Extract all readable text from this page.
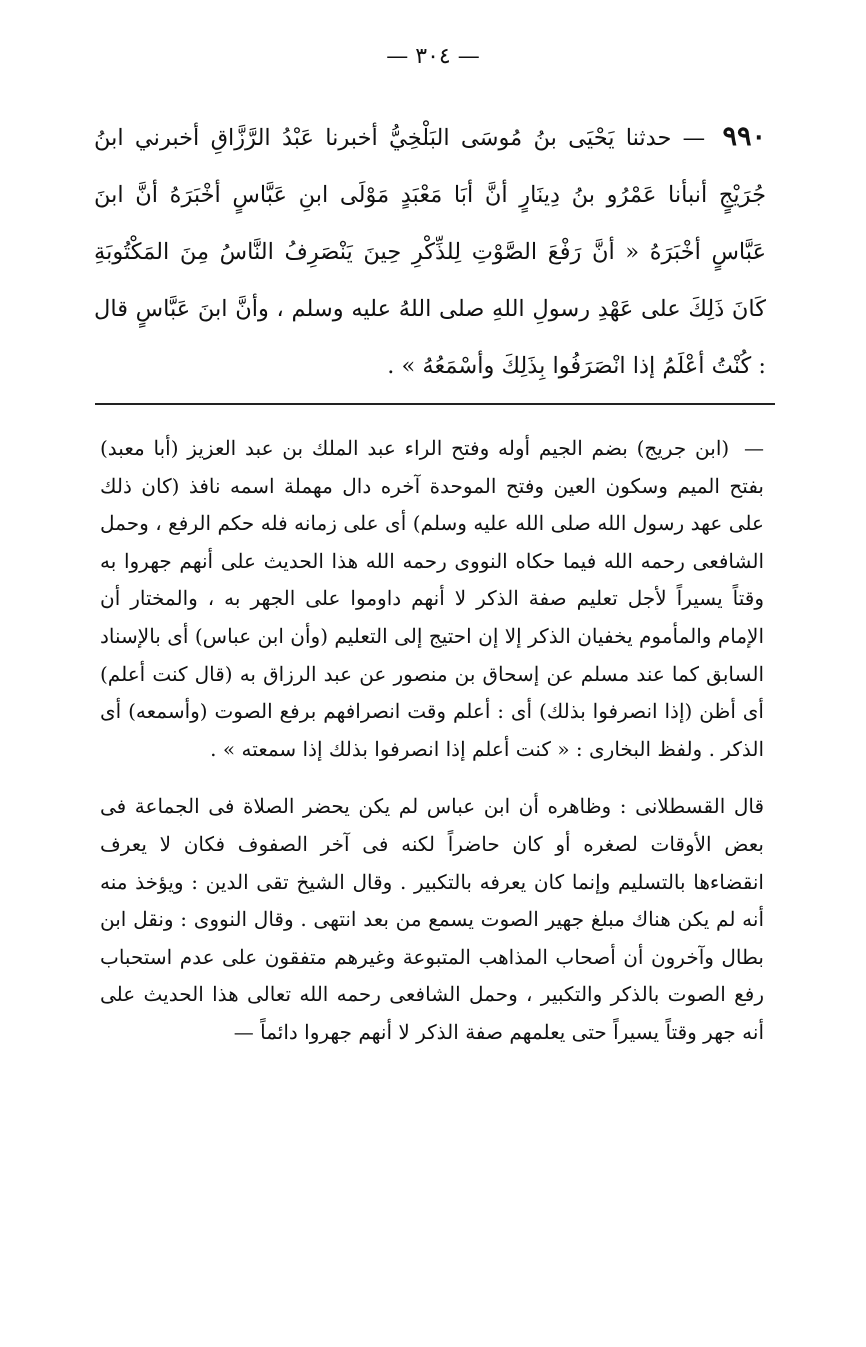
— ٣٠٤ —
٩٩٠ — حدثنا يَحْيَى بنُ مُوسَى البَلْخِيُّ أخبرنا عَبْدُ الرَّزَّاقِ أخبرني ابنُ جُرَيْجٍ أنبأنا عَمْرُو بنُ دِينَارٍ أنَّ أبَا مَعْبَدٍ مَوْلَى ابنِ عَبَّاسٍ أخْبَرَهُ أنَّ ابنَ عَبَّاسٍ أخْبَرَهُ « أنَّ رَفْعَ الصَّوْتِ لِلذِّكْرِ حِينَ يَنْصَرِفُ النَّاسُ مِنَ المَكْتُوبَةِ كَانَ ذَلِكَ على عَهْدِ رسولِ اللهِ صلى اللهُ عليه وسلم ، وأنَّ ابنَ عَبَّاسٍ قال : كُنْتُ أعْلَمُ إذا انْصَرَفُوا بِذَلِكَ وأسْمَعُهُ » .

— (ابن جريج) بضم الجيم أوله وفتح الراء عبد الملك بن عبد العزيز (أبا معبد) بفتح الميم وسكون العين وفتح الموحدة آخره دال مهملة اسمه نافذ (كان ذلك على عهد رسول الله صلى الله عليه وسلم) أى على زمانه فله حكم الرفع ، وحمل الشافعى رحمه الله فيما حكاه النووى رحمه الله هذا الحديث على أنهم جهروا به وقتاً يسيراً لأجل تعليم صفة الذكر لا أنهم داوموا على الجهر به ، والمختار أن الإمام والمأموم يخفيان الذكر إلا إن احتيج إلى التعليم (وأن ابن عباس) أى بالإسناد السابق كما عند مسلم عن إسحاق بن منصور عن عبد الرزاق به (قال كنت أعلم) أى أظن (إذا انصرفوا بذلك) أى : أعلم وقت انصرافهم برفع الصوت (وأسمعه) أى الذكر . ولفظ البخارى : « كنت أعلم إذا انصرفوا بذلك إذا سمعته » .

قال القسطلانى : وظاهره أن ابن عباس لم يكن يحضر الصلاة فى الجماعة فى بعض الأوقات لصغره أو كان حاضراً لكنه فى آخر الصفوف فكان لا يعرف انقضاءها بالتسليم وإنما كان يعرفه بالتكبير . وقال الشيخ تقى الدين : ويؤخذ منه أنه لم يكن هناك مبلغ جهير الصوت يسمع من بعد انتهى . وقال النووى : ونقل ابن بطال وآخرون أن أصحاب المذاهب المتبوعة وغيرهم متفقون على عدم استحباب رفع الصوت بالذكر والتكبير ، وحمل الشافعى رحمه الله تعالى هذا الحديث على أنه جهر وقتاً يسيراً حتى يعلمهم صفة الذكر لا أنهم جهروا دائماً —
